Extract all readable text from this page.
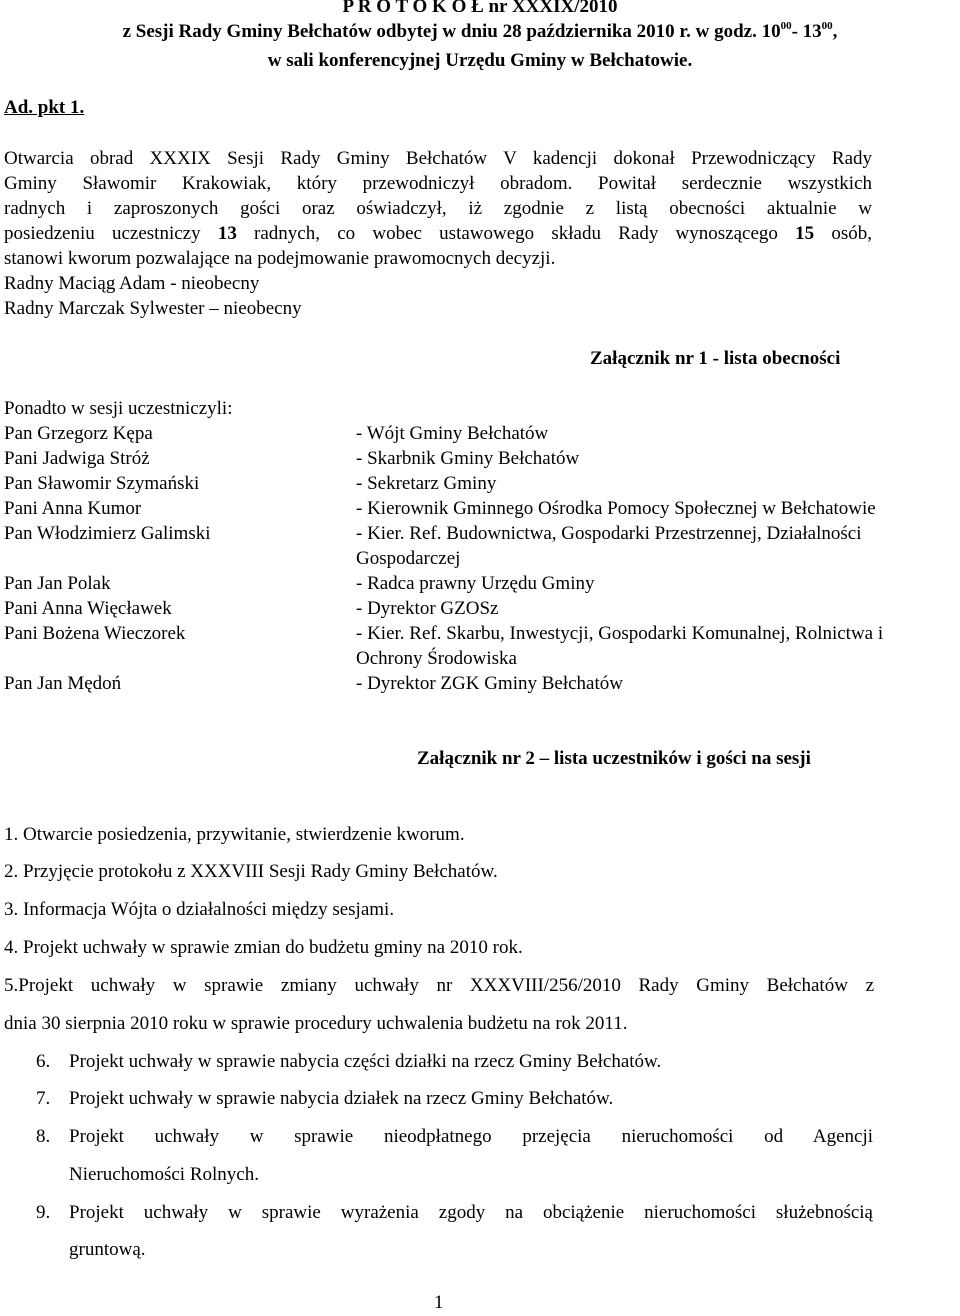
P R O T O K O Ł nr XXXIX/2010
z Sesji Rady Gminy Bełchatów odbytej w dniu 28 października 2010 r. w godz. $10^{00}-$ $13^{00}$,
w sali konferencyjnej Urzędu Gminy w Bełchatowie.
Ad. pkt 1.
Otwarcia obrad XXXIX Sesji Rady Gminy Bełchatów V kadencji dokonał Przewodniczący Rady
Gminy Sławomir Krakowiak, który przewodniczył obradom. Powitał serdecznie wszystkich
radnych i zaproszonych gości oraz oświadczył, iż zgodnie z listą obecności aktualnie w
posiedzeniu uczestniczy 13 radnych, co wobec ustawowego składu Rady wynoszącego 15 osób,
stanowi kworum pozwalające na podejmowanie prawomocnych decyzji.
Radny Maciąg Adam - nieobecny
Radny Marczak Sylwester – nieobecny
Załącznik nr 1 - lista obecności
Ponadto w sesji uczestniczyli:
Pan Grzegorz Kępa	- Wójt Gminy Bełchatów
Pani Jadwiga Stróż	- Skarbnik Gminy Bełchatów
Pan Sławomir Szymański	- Sekretarz Gminy
Pani Anna Kumor	- Kierownik Gminnego Ośrodka Pomocy Społecznej w Bełchatowie
Pan Włodzimierz Galimski	- Kier. Ref. Budownictwa, Gospodarki Przestrzennej, Działalności
Gospodarczej
Pan Jan Polak	- Radca prawny Urzędu Gminy
Pani Anna Więcławek	- Dyrektor GZOSz
Pani Bożena Wieczorek	- Kier. Ref. Skarbu, Inwestycji, Gospodarki Komunalnej, Rolnictwa i
Ochrony Środowiska
Pan Jan Mędoń	- Dyrektor ZGK Gminy Bełchatów
Załącznik nr 2 – lista uczestników i gości na sesji
1. Otwarcie posiedzenia, przywitanie, stwierdzenie kworum.
2. Przyjęcie protokołu z XXXVIII Sesji Rady Gminy Bełchatów.
3. Informacja Wójta o działalności między sesjami.
4. Projekt uchwały w sprawie zmian do budżetu gminy na 2010 rok.
5.Projekt uchwały w sprawie zmiany uchwały nr XXXVIII/256/2010 Rady Gminy Bełchatów z
dnia 30 sierpnia 2010 roku w sprawie procedury uchwalenia budżetu na rok 2011.
6. Projekt uchwały w sprawie nabycia części działki na rzecz Gminy Bełchatów.
7. Projekt uchwały w sprawie nabycia działek na rzecz Gminy Bełchatów.
8. Projekt uchwały w sprawie nieodpłatnego przejęcia nieruchomości od Agencji
Nieruchomości Rolnych.
9. Projekt uchwały w sprawie wyrażenia zgody na obciążenie nieruchomości służebnością
gruntową.
1
